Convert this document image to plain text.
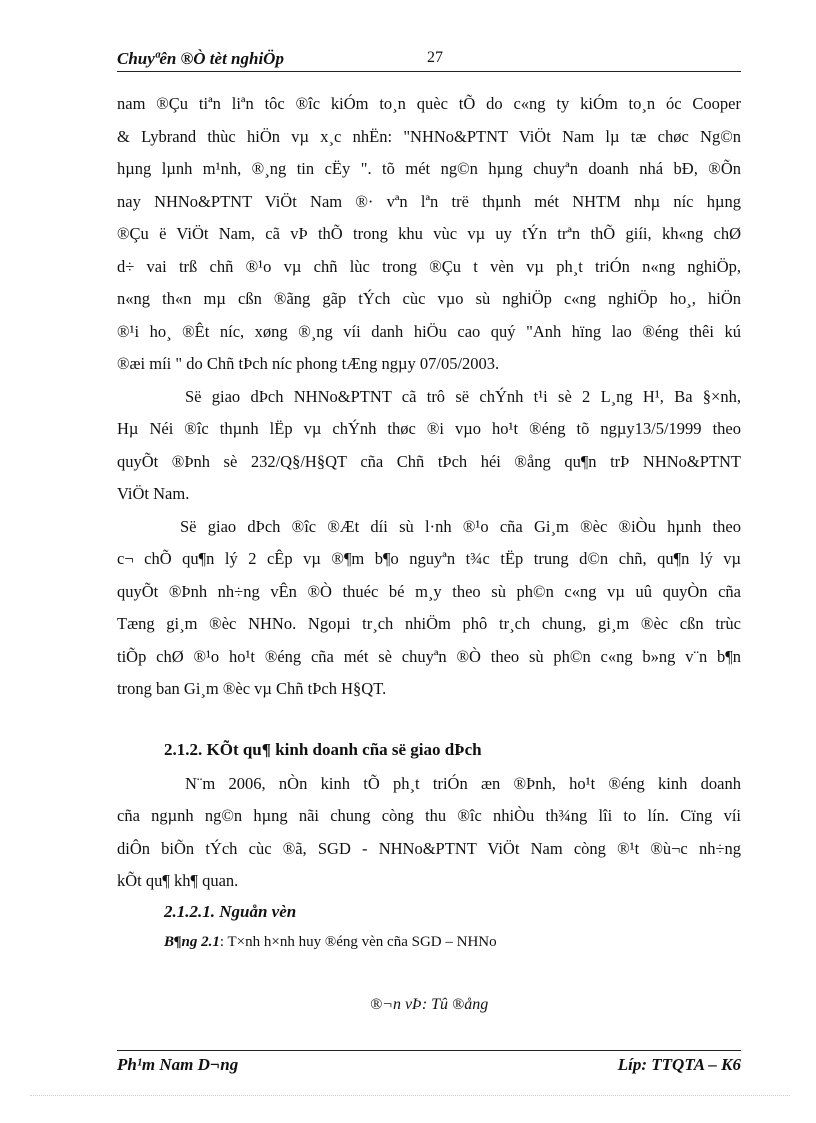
Chuyªên ®Ò tèt nghiÖp	27
nam ®Çu tiªn liªn tôc ®îc kiÓm to¸n quèc tÕ do c«ng ty kiÓm to¸n óc Cooper
& Lybrand thùc hiÖn vµ x¸c nhËn: "NHNo&PTNT ViÖt Nam lµ tæ chøc Ng©n
hµng lµnh m¹nh, ®¸ng tin cËy ". tõ mét ng©n hµng chuyªn doanh nhá bÐ, ®Õn
nay NHNo&PTNT ViÖt Nam ®· vªn lªn trë thµnh mét NHTM nhµ níc hµng
®Çu ë ViÖt Nam, cã vÞ thÕ trong khu vùc vµ uy tÝn trªn thÕ giíi, kh«ng chØ
d÷ vai trß chñ ®¹o vµ chñ lùc trong ®Çu t vèn vµ ph¸t triÓn n«ng nghiÖp,
n«ng th«n mµ cßn ®ãng gãp tÝch cùc vµo sù nghiÖp c«ng nghiÖp ho¸, hiÖn
®¹i ho¸ ®Êt níc, xøng ®¸ng víi danh hiÖu cao quý "Anh hïng lao ®éng thêi kú
®æi míi " do Chñ tÞch níc phong tÆng ngµy 07/05/2003.
Së giao dÞch NHNo&PTNT cã trô së chÝnh t¹i sè 2 L¸ng H¹, Ba §×nh,
Hµ Néi ®îc thµnh lËp vµ chÝnh thøc ®i vµo ho¹t ®éng tõ ngµy13/5/1999 theo
quyÕt ®Þnh sè 232/Q§/H§QT cña Chñ tÞch héi ®ång qu¶n trÞ NHNo&PTNT
ViÖt Nam.
Së giao dÞch ®îc ®Æt díi sù l·nh ®¹o cña Gi¸m ®èc ®iÒu hµnh theo
c¬ chÕ qu¶n lý 2 cÊp vµ ®¶m b¶o nguyªn t¾c tËp trung d©n chñ, qu¶n lý vµ
quyÕt ®Þnh nh÷ng vÊn ®Ò thuéc bé m¸y theo sù ph©n c«ng vµ uû quyÒn cña
Tæng gi¸m ®èc NHNo. Ngoµi tr¸ch nhiÖm phô tr¸ch chung, gi¸m ®èc cßn trùc
tiÕp chØ ®¹o ho¹t ®éng cña mét sè chuyªn ®Ò theo sù ph©n c«ng b»ng v¨n b¶n
trong ban Gi¸m ®èc vµ Chñ tÞch H§QT.
2.1.2. KÕt qu¶ kinh doanh cña së giao dÞch
N¨m 2006, nÒn kinh tÕ ph¸t triÓn æn ®Þnh, ho¹t ®éng kinh doanh
cña ngµnh ng©n hµng nãi chung còng thu ®îc nhiÒu th¾ng lîi to lín. Cïng víi
diÔn biÕn tÝch cùc ®ã, SGD - NHNo&PTNT ViÖt Nam còng ®¹t ®ù¬c nh÷ng
kÕt qu¶ kh¶ quan.
2.1.2.1. Nguån vèn
B¶ng 2.1: T×nh h×nh huy ®éng vèn cña SGD – NHNo
®¬n vÞ: Tû ®ång
Ph¹m Nam D¬ng	Líp: TTQTA – K6
